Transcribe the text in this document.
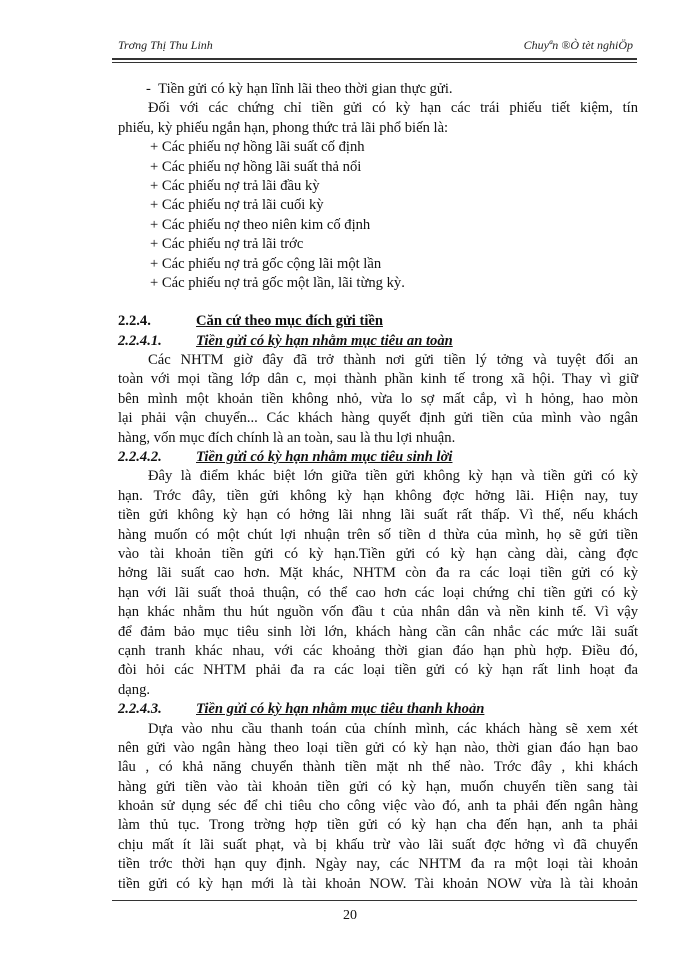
Trơng Thị Thu Linh	Chuyªn ®Ò tèt nghiÖp
-  Tiền gửi có kỳ hạn lĩnh lãi theo thời gian thực gửi.
Đối với các chứng chỉ tiền gửi có kỳ hạn các trái phiếu tiết kiệm, tín
phiếu, kỳ phiếu ngắn hạn, phong thức trả lãi phổ biến là:
+ Các phiếu nợ hồng lãi suất cố định
+ Các phiếu nợ hồng lãi suất thả nổi
+ Các phiếu nợ trả lãi đầu kỳ
+ Các phiếu nợ trả lãi cuối kỳ
+ Các phiếu nợ theo niên kim cố định
+ Các phiếu nợ trả lãi trớc
+ Các phiếu nợ trả gốc cộng lãi một lần
+ Các phiếu nợ trả gốc một lần, lãi từng kỳ.
2.2.4.	Căn cứ theo mục đích gửi tiền
2.2.4.1. Tiền gửi có kỳ hạn nhằm mục tiêu an toàn
Các NHTM giờ đây đã trở thành nơi gửi tiền lý tởng và tuyệt đối an
toàn với mọi tầng lớp dân c, mọi thành phần kinh tế trong xã hội. Thay vì giữ
bên mình một khoản tiền không nhỏ, vừa lo sợ mất cắp, vì h hỏng, hao mòn
lại phải vận chuyển... Các khách hàng quyết định gửi tiền của mình vào ngân
hàng, vốn mục đích chính là an toàn, sau là thu lợi nhuận.
2.2.4.2. Tiền gửi có kỳ hạn nhằm mục tiêu sinh lời
Đây là điểm khác biệt lớn giữa tiền gửi không kỳ hạn và tiền gửi có kỳ
hạn. Trớc đây, tiền gửi không kỳ hạn không đợc hởng lãi. Hiện nay, tuy
tiền gửi không kỳ hạn có hởng lãi nhng lãi suất rất thấp. Vì thế, nếu khách
hàng muốn có một chút lợi nhuận trên số tiền d thừa của mình, họ sẽ gửi tiền
vào tài khoản tiền gửi có kỳ hạn.Tiền gửi có kỳ hạn càng dài, càng đợc
hởng lãi suất cao hơn. Mặt khác, NHTM còn đa ra các loại tiền gửi có kỳ
hạn với lãi suất thoả thuận, có thể cao hơn các loại chứng chỉ tiền gửi có kỳ
hạn khác nhằm thu hút nguồn vốn đầu t của nhân dân và nền kinh tế. Vì vậy
để đảm bảo mục tiêu sinh lời lớn, khách hàng cần cân nhắc các mức lãi suất
cạnh tranh khác nhau, với các khoảng thời gian đáo hạn phù hợp. Điều đó,
đòi hỏi các NHTM phải đa ra các loại tiền gửi có kỳ hạn rất linh hoạt đa
dạng.
2.2.4.3. Tiền gửi có kỳ hạn nhằm mục tiêu thanh khoản
Dựa vào nhu cầu thanh toán của chính mình, các khách hàng sẽ xem xét
nên gửi vào ngân hàng theo loại tiền gửi có kỳ hạn nào, thời gian đáo hạn bao
lâu , có khả năng chuyển thành tiền mặt nh thế nào. Trớc đây , khi khách
hàng gửi tiền vào tài khoản tiền gửi có kỳ hạn, muốn chuyển tiền sang tài
khoản sử dụng séc để chi tiêu cho công việc vào đó, anh ta phải đến ngân hàng
làm thủ tục. Trong trờng hợp tiền gửi có kỳ hạn cha đến hạn, anh ta phải
chịu mất ít lãi suất phạt, và bị khấu trừ vào lãi suất đợc hởng vì đã chuyển
tiền trớc thời hạn quy định. Ngày nay, các NHTM đa ra một loại tài khoản
tiền gửi có kỳ hạn mới là tài khoản NOW. Tài khoản NOW vừa là tài khoản
20
